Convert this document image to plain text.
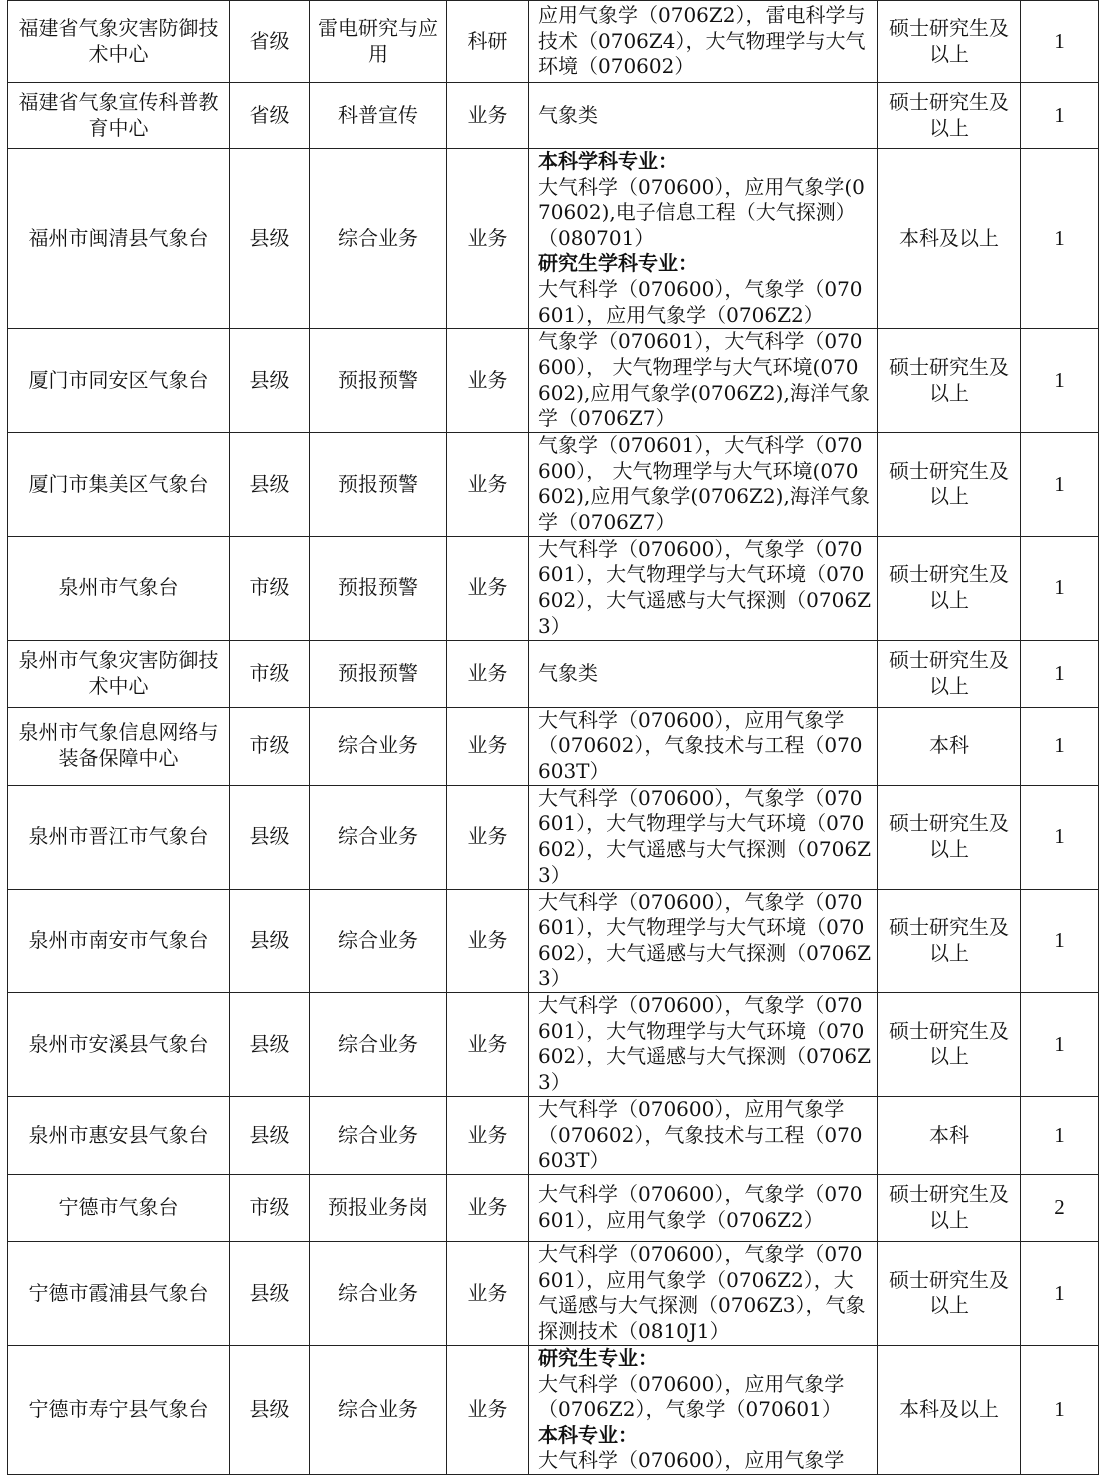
福建省气象灾害防御技术中心	省级	雷电研究与应用	科研	应用气象学（0706Z2），雷电科学与技术（0706Z4），大气物理学与大气环境（070602）	硕士研究生及以上	1
福建省气象宣传科普教育中心	省级	科普宣传	业务	气象类	硕士研究生及以上	1
福州市闽清县气象台	县级	综合业务	业务	本科学科专业：
大气科学（070600），应用气象学(070602),电子信息工程（大气探测）（080701）
研究生学科专业：
大气科学（070600），气象学（070601），应用气象学（0706Z2）	本科及以上	1
厦门市同安区气象台	县级	预报预警	业务	气象学（070601），大气科学（070600）， 大气物理学与大气环境(070602),应用气象学(0706Z2),海洋气象学（0706Z7）	硕士研究生及以上	1
厦门市集美区气象台	县级	预报预警	业务	气象学（070601），大气科学（070600）， 大气物理学与大气环境(070602),应用气象学(0706Z2),海洋气象学（0706Z7）	硕士研究生及以上	1
泉州市气象台	市级	预报预警	业务	大气科学（070600），气象学（070601），大气物理学与大气环境（070602），大气遥感与大气探测（0706Z3）	硕士研究生及以上	1
泉州市气象灾害防御技术中心	市级	预报预警	业务	气象类	硕士研究生及以上	1
泉州市气象信息网络与装备保障中心	市级	综合业务	业务	大气科学（070600），应用气象学（070602），气象技术与工程（070603T）	本科	1
泉州市晋江市气象台	县级	综合业务	业务	大气科学（070600），气象学（070601），大气物理学与大气环境（070602），大气遥感与大气探测（0706Z3）	硕士研究生及以上	1
泉州市南安市气象台	县级	综合业务	业务	大气科学（070600），气象学（070601），大气物理学与大气环境（070602），大气遥感与大气探测（0706Z3）	硕士研究生及以上	1
泉州市安溪县气象台	县级	综合业务	业务	大气科学（070600），气象学（070601），大气物理学与大气环境（070602），大气遥感与大气探测（0706Z3）	硕士研究生及以上	1
泉州市惠安县气象台	县级	综合业务	业务	大气科学（070600），应用气象学（070602），气象技术与工程（070603T）	本科	1
宁德市气象台	市级	预报业务岗	业务	大气科学（070600），气象学（070601），应用气象学（0706Z2）	硕士研究生及以上	2
宁德市霞浦县气象台	县级	综合业务	业务	大气科学（070600），气象学（070601），应用气象学（0706Z2），大气遥感与大气探测（0706Z3），气象探测技术（0810J1）	硕士研究生及以上	1
宁德市寿宁县气象台	县级	综合业务	业务	研究生专业：
大气科学（070600），应用气象学（0706Z2），气象学（070601）
本科专业：
大气科学（070600），应用气象学	本科及以上	1
